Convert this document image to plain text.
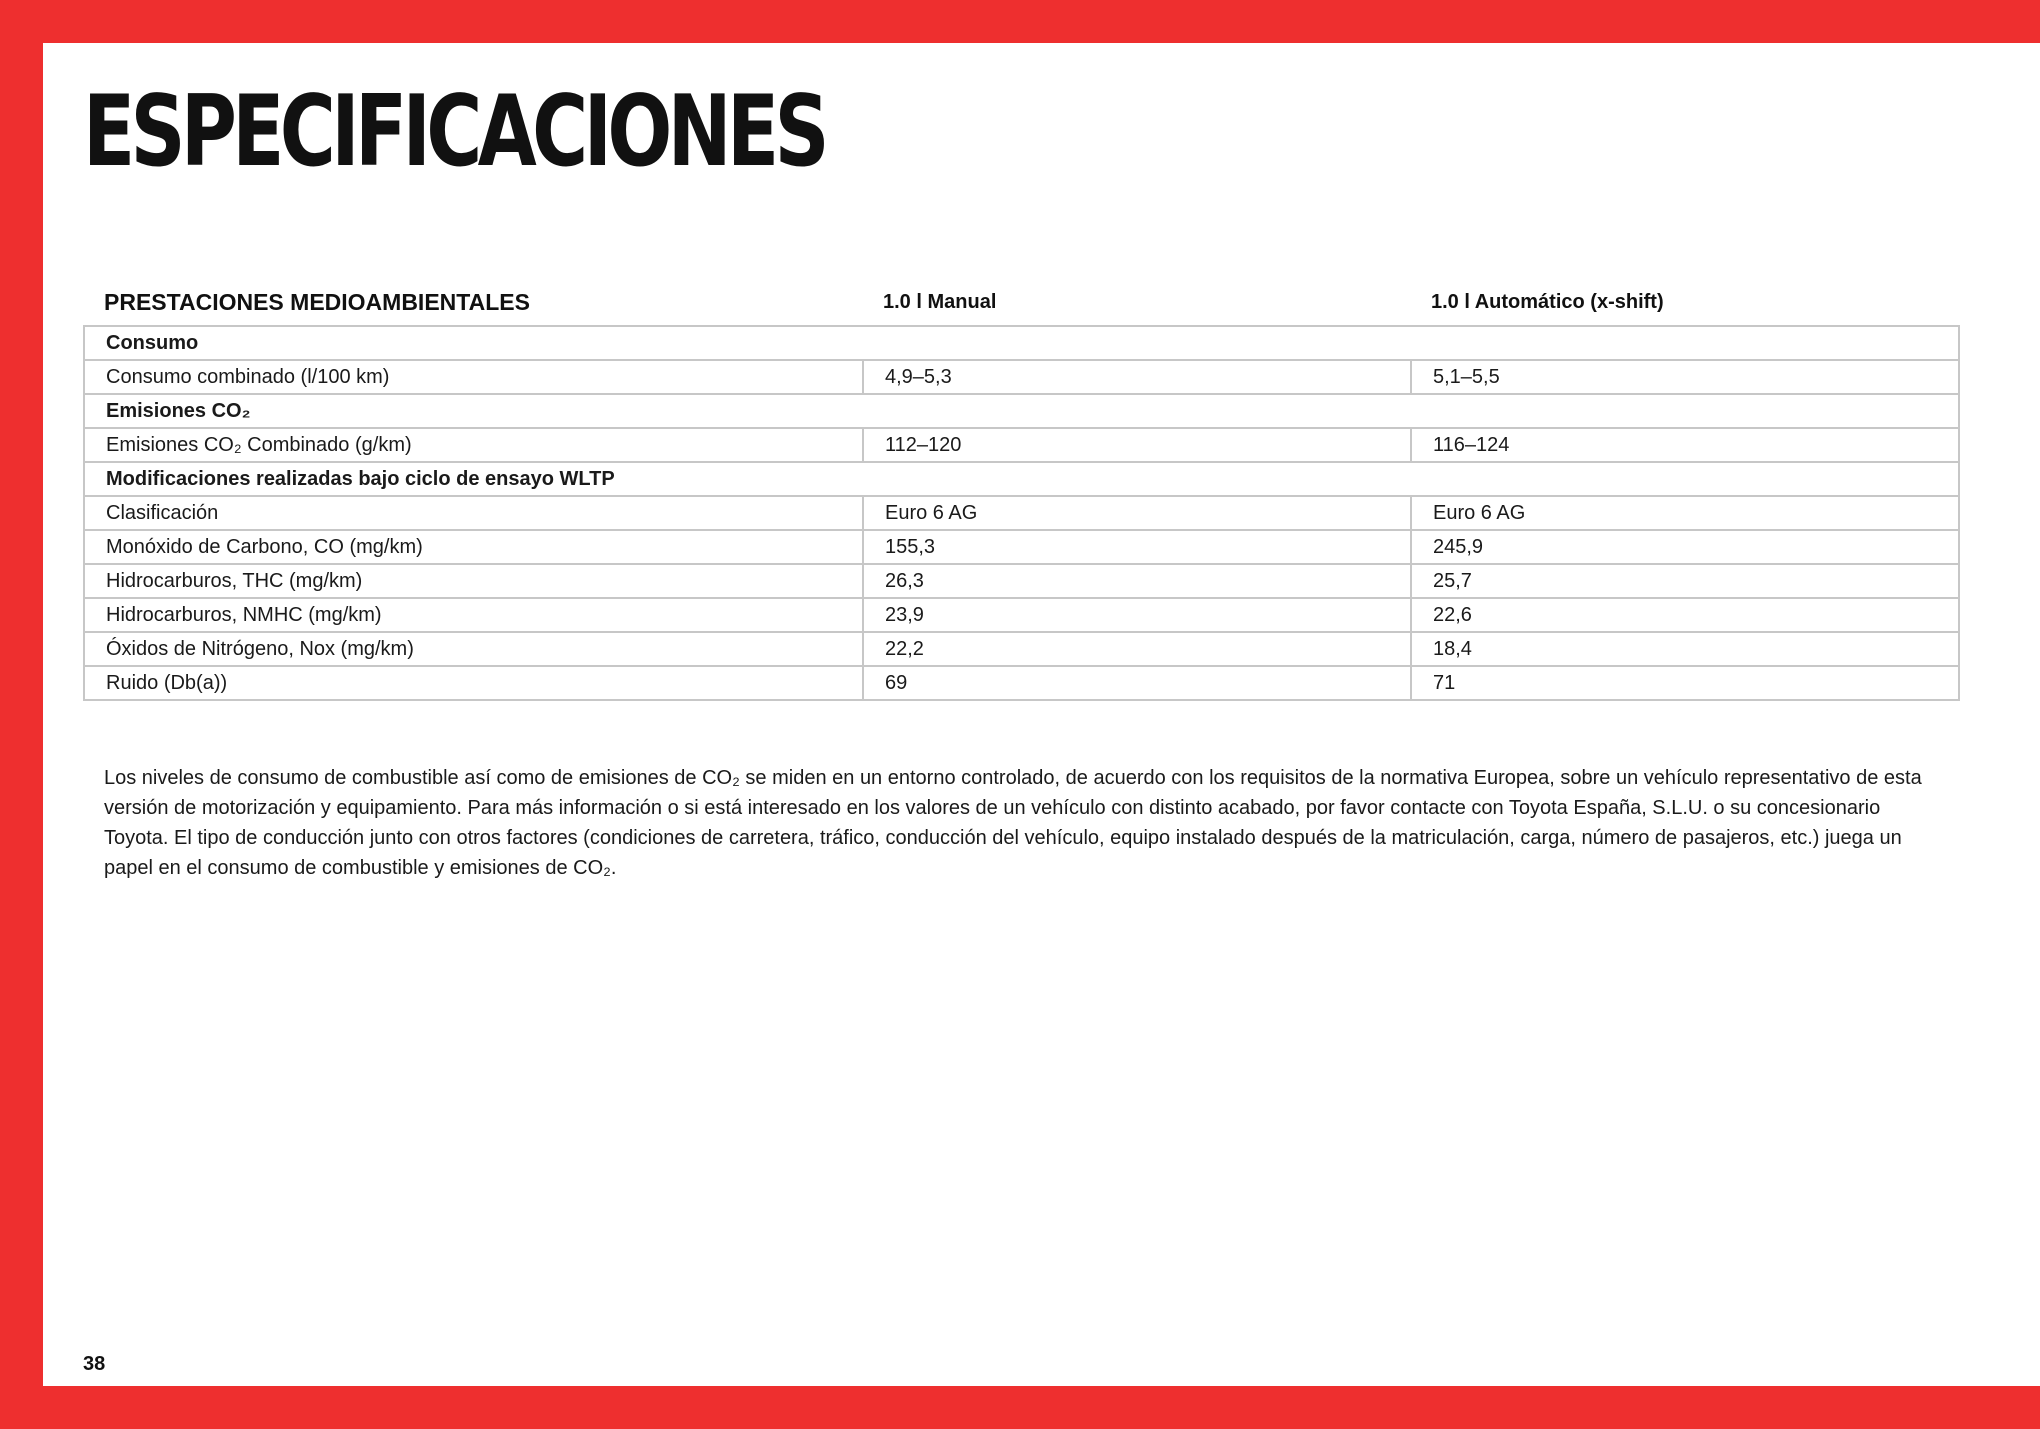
ESPECIFICACIONES
PRESTACIONES MEDIOAMBIENTALES	1.0 l Manual	1.0 l Automático (x-shift)
Consumo		
Consumo combinado (l/100 km)	4,9–5,3	5,1–5,5
Emisiones CO₂		
Emisiones CO₂ Combinado (g/km)	112–120	116–124
Modificaciones realizadas bajo ciclo de ensayo WLTP		
Clasificación	Euro 6 AG	Euro 6 AG
Monóxido de Carbono, CO (mg/km)	155,3	245,9
Hidrocarburos, THC (mg/km)	26,3	25,7
Hidrocarburos, NMHC (mg/km)	23,9	22,6
Óxidos de Nitrógeno, Nox (mg/km)	22,2	18,4
Ruido (Db(a))	69	71

Los niveles de consumo de combustible así como de emisiones de CO₂ se miden en un entorno controlado, de acuerdo con los requisitos de la normativa Europea, sobre un vehículo representativo de esta versión de motorización y equipamiento. Para más información o si está interesado en los valores de un vehículo con distinto acabado, por favor contacte con Toyota España, S.L.U. o su concesionario Toyota. El tipo de conducción junto con otros factores (condiciones de carretera, tráfico, conducción del vehículo, equipo instalado después de la matriculación, carga, número de pasajeros, etc.) juega un papel en el consumo de combustible y emisiones de CO₂.

38
